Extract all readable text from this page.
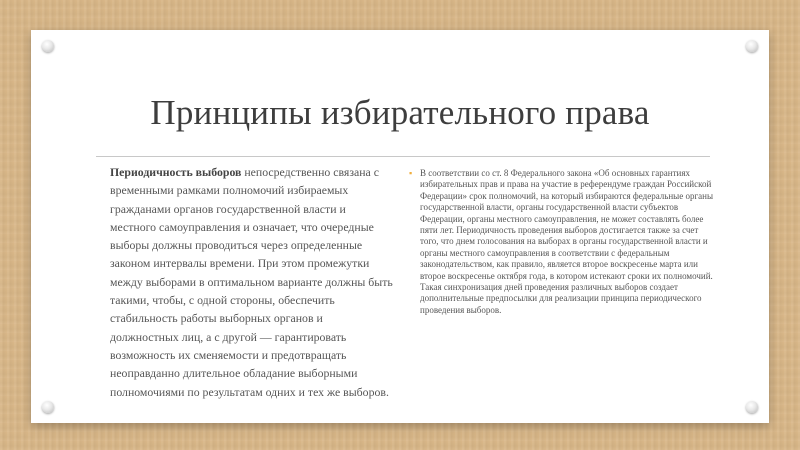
Принципы избирательного права

Периодичность выборов непосредственно связана с временными рамками полномочий избираемых гражданами органов государственной власти и местного самоуправления и означает, что очередные выборы должны проводиться через определенные законом интервалы времени. При этом промежутки между выборами в оптимальном варианте должны быть такими, чтобы, с одной стороны, обеспечить стабильность работы выборных органов и должностных лиц, а с другой — гарантировать возможность их сменяемости и предотвращать неоправданно длительное обладание выборными полномочиями по результатам одних и тех же выборов.

▪ В соответствии со ст. 8 Федерального закона «Об основных гарантиях избирательных прав и права на участие в референдуме граждан Российской Федерации» срок полномочий, на который избираются федеральные органы государственной власти, органы государственной власти субъектов Федерации, органы местного самоуправления, не может составлять более пяти лет. Периодичность проведения выборов достигается также за счет того, что днем голосования на выборах в органы государственной власти и органы местного самоуправления в соответствии с федеральным законодательством, как правило, является второе воскресенье марта или второе воскресенье октября года, в котором истекают сроки их полномочий. Такая синхронизация дней проведения различных выборов создает дополнительные предпосылки для реализации принципа периодического проведения выборов.
